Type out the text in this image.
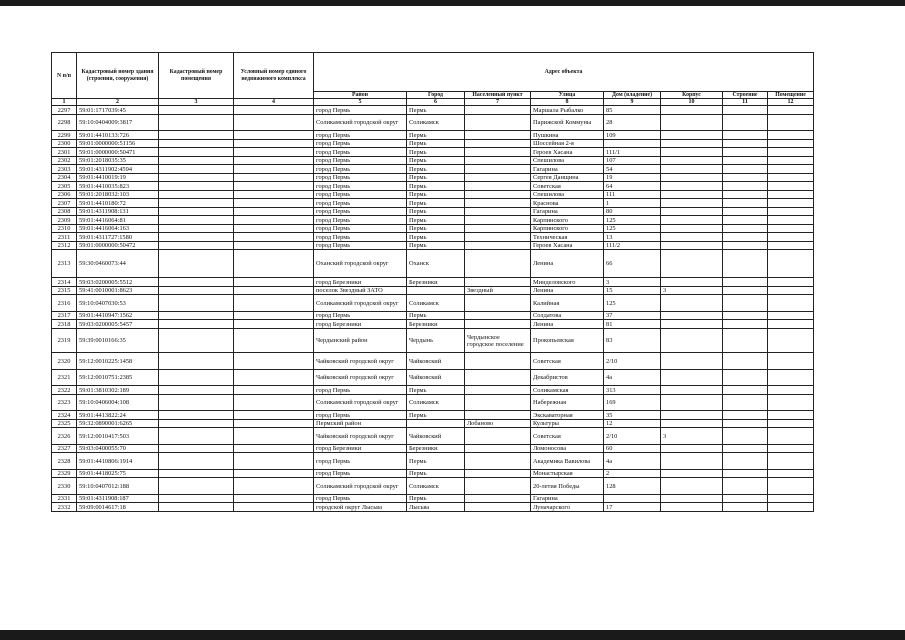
N п/п	Кадастровый номер здания (строения, сооружения)	Кадастровый номер помещения	Условный номер единого недвижимого комплекса	Адрес объекта							
				Район	Город	Населенный пункт	Улица	Дом (владение)	Корпус	Строение	Помещение
1	2	3	4	5	6	7	8	9	10	11	12
2297	59:01:1717039:45			город Пермь	Пермь		Маршала Рыбалко	85			
2298	59:10:0404009:3817			Соликамский городской округ	Соликамск		Парижской Коммуны	28			
2299	59:01:4410133:726			город Пермь	Пермь		Пушкина	109			
2300	59:01:0000000:51156			город Пермь	Пермь		Шоссейная 2-я				
2301	59:01:0000000:50471			город Пермь	Пермь		Героев Хасана	111/1			
2302	59:01:2018035:35			город Пермь	Пермь		Спешилова	107			
2303	59:01:4311902:4594			город Пермь	Пермь		Гагарина	54			
2304	59:01:4410019:19			город Пермь	Пермь		Сергея Данщина	19			
2305	59:01:4410035:823			город Пермь	Пермь		Советская	64			
2306	59:01:2018032:103			город Пермь	Пермь		Спешилова	111			
2307	59:01:4410180:72			город Пермь	Пермь		Краснова	1			
2308	59:01:4311908:131			город Пермь	Пермь		Гагарина	80			
2309	59:01:4416064:81			город Пермь	Пермь		Карпинского	125			
2310	59:01:4416064:163			город Пермь	Пермь		Карпинского	125			
2311	59:01:4311727:1580			город Пермь	Пермь		Техническая	13			
2312	59:01:0000000:50472			город Пермь	Пермь		Героев Хасана	111/2			
2313	59:30:0460073:44			Оханский городской округ	Оханск		Ленина	66			
2314	59:03:0200005:5512			город Березники	Березники		Минделовского	3			
2315	59:41:0010001:8623			поселок Звездный ЗАТО		Звездный	Ленина	15	3		
2316	59:10:0407030:53			Соликамский городской округ	Соликамск		Калийная	125			
2317	59:01:4410947:1562			город Пермь	Пермь		Солдатова	37			
2318	59:03:0200005:5457			город Березники	Березники		Ленина	81			
2319	59:39:0010166:35			Чердынский район	Чердынь	Чердынское городское поселение	Прокопьевская	83			
2320	59:12:0010225:1458			Чайковский городской округ	Чайковский		Советская	2/10			
2321	59:12:0010751:2385			Чайковский городской округ	Чайковский		Декабристов	4а			
2322	59:01:3810302:189			город Пермь	Пермь		Соликамская	313			
2323	59:10:0406004:108			Соликамский городской округ	Соликамск		Набережная	169			
2324	59:01:4413822:24			город Пермь	Пермь		Экскаваторная	35			
2325	59:32:0890001:6265			Пермский район		Лобаново	Культуры	12			
2326	59:12:0010417:503			Чайковский городской округ	Чайковский		Советская	2/10	3		
2327	59:03:0400055:70			город Березники	Березники		Ломоносова	60			
2328	59:01:4410806:1914			город Пермь	Пермь		Академика Вавилова	4а			
2329	59:01:4418025:75			город Пермь	Пермь		Монастырская	2			
2330	59:10:0407012:188			Соликамский городской округ	Соликамск		20-летия Победы	128			
2331	59:01:4311908:187			город Пермь	Пермь		Гагарина				
2332	59:09:0014617:18			городской округ Лысьва	Лысьва		Луначарского	17			
